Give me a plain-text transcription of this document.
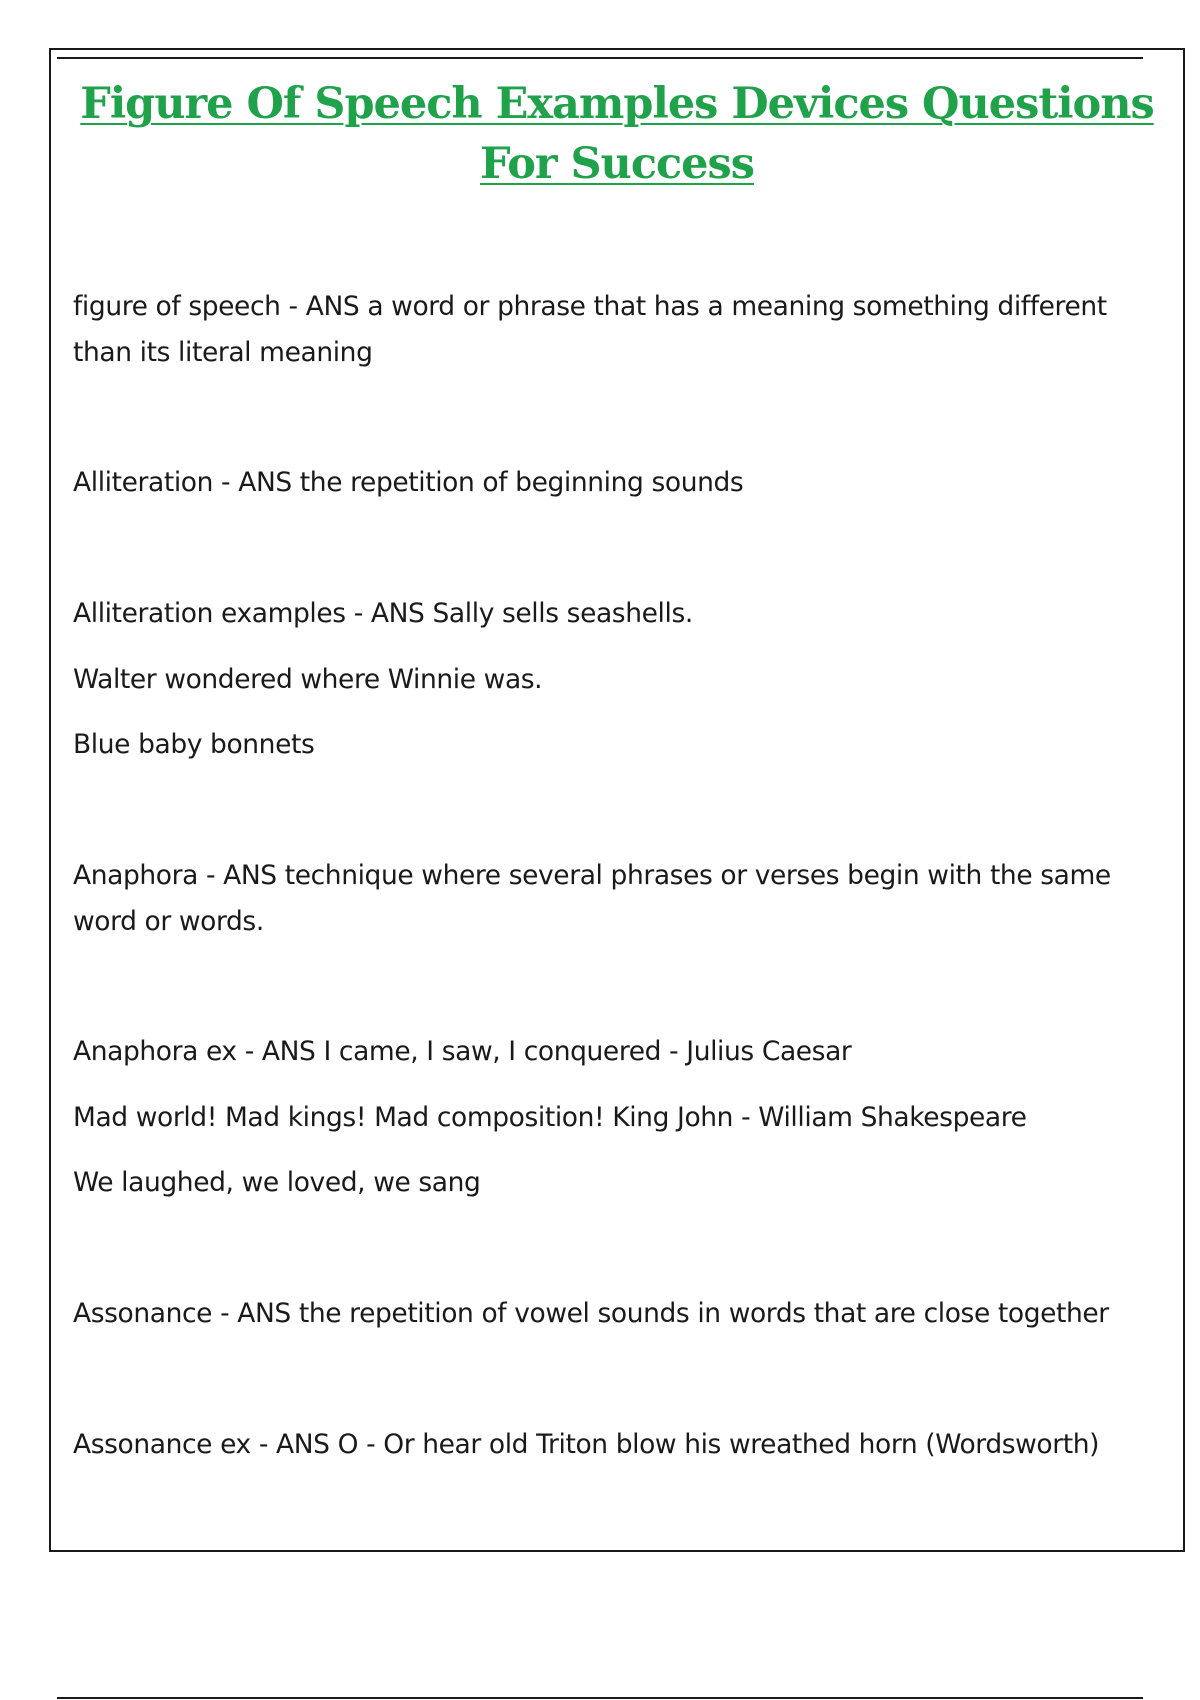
Figure Of Speech Examples Devices Questions For Success

figure of speech - ANS a word or phrase that has a meaning something different than its literal meaning

Alliteration - ANS the repetition of beginning sounds

Alliteration examples - ANS Sally sells seashells.

Walter wondered where Winnie was.

Blue baby bonnets

Anaphora - ANS technique where several phrases or verses begin with the same word or words.

Anaphora ex - ANS I came, I saw, I conquered - Julius Caesar

Mad world! Mad kings! Mad composition! King John - William Shakespeare

We laughed, we loved, we sang

Assonance - ANS the repetition of vowel sounds in words that are close together

Assonance ex - ANS O - Or hear old Triton blow his wreathed horn (Wordsworth)
